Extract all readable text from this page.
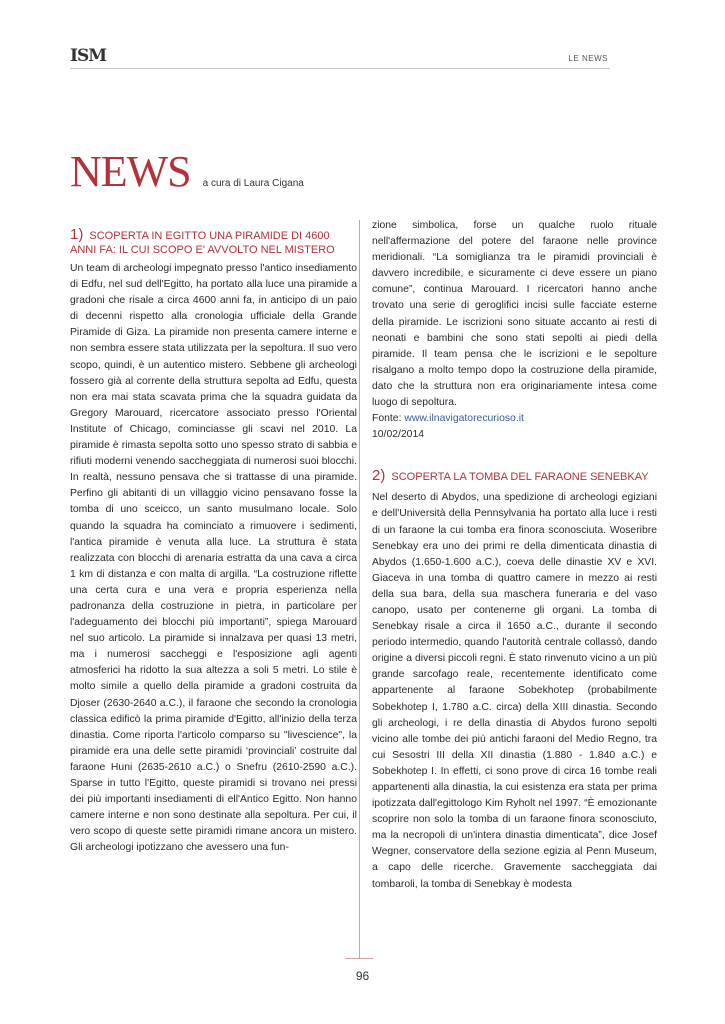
ISM	LE NEWS
NEWS a cura di Laura Cigana
1) SCOPERTA IN EGITTO UNA PIRAMIDE DI 4600 ANNI FA: IL CUI SCOPO E' AVVOLTO NEL MISTERO

Un team di archeologi impegnato presso l'antico insediamento di Edfu, nel sud dell'Egitto, ha portato alla luce una piramide a gradoni che risale a circa 4600 anni fa, in anticipo di un paio di decenni rispetto alla cronologia ufficiale della Grande Piramide di Giza. La piramide non presenta camere interne e non sembra essere stata utilizzata per la sepoltura. Il suo vero scopo, quindi, è un autentico mistero. Sebbene gli archeologi fossero già al corrente della struttura sepolta ad Edfu, questa non era mai stata scavata prima che la squadra guidata da Gregory Marouard, ricercatore associato presso l'Oriental Institute of Chicago, cominciasse gli scavi nel 2010. La piramide è rimasta sepolta sotto uno spesso strato di sabbia e rifiuti moderni venendo saccheggiata di numerosi suoi blocchi. In realtà, nessuno pensava che si trattasse di una piramide. Perfino gli abitanti di un villaggio vicino pensavano fosse la tomba di uno sceicco, un santo musulmano locale. Solo quando la squadra ha cominciato a rimuovere i sedimenti, l'antica piramide è venuta alla luce. La struttura è stata realizzata con blocchi di arenaria estratta da una cava a circa 1 km di distanza e con malta di argilla. “La costruzione riflette una certa cura e una vera e propria esperienza nella padronanza della costruzione in pietra, in particolare per l'adeguamento dei blocchi più importanti”, spiega Marouard nel suo articolo. La piramide si innalzava per quasi 13 metri, ma i numerosi saccheggi e l'esposizione agli agenti atmosferici ha ridotto la sua altezza a soli 5 metri. Lo stile è molto simile a quello della piramide a gradoni costruita da Djoser (2630-2640 a.C.), il faraone che secondo la cronologia classica edificò la prima piramide d'Egitto, all'inizio della terza dinastia. Come riporta l'articolo comparso su "livescience", la piramide era una delle sette piramidi ‘provinciali’ costruite dal faraone Huni (2635-2610 a.C.) o Snefru (2610-2590 a.C.). Sparse in tutto l'Egitto, queste piramidi si trovano nei pressi dei più importanti insediamenti di ell'Antico Egitto. Non hanno camere interne e non sono destinate alla sepoltura. Per cui, il vero scopo di queste sette piramidi rimane ancora un mistero. Gli archeologi ipotizzano che avessero una fun-

zione simbolica, forse un qualche ruolo rituale nell'affermazione del potere del faraone nelle province meridionali. “La somiglianza tra le piramidi provinciali è davvero incredibile, e sicuramente ci deve essere un piano comune”, continua Marouard. I ricercatori hanno anche trovato una serie di geroglifici incisi sulle facciate esterne della piramide. Le iscrizioni sono situate accanto ai resti di neonati e bambini che sono stati sepolti ai piedi della piramide. Il team pensa che le iscrizioni e le sepolture risalgano a molto tempo dopo la costruzione della piramide, dato che la struttura non era originariamente intesa come luogo di sepoltura.

Fonte: www.ilnavigatorecurioso.it

10/02/2014

2) SCOPERTA LA TOMBA DEL FARAONE SENEBKAY

Nel deserto di Abydos, una spedizione di archeologi egiziani e dell'Università della Pennsylvania ha portato alla luce i resti di un faraone la cui tomba era finora sconosciuta. Woseribre Senebkay era uno dei primi re della dimenticata dinastia di Abydos (1.650-1.600 a.C.), coeva delle dinastie XV e XVI. Giaceva in una tomba di quattro camere in mezzo ai resti della sua bara, della sua maschera funeraria e del vaso canopo, usato per contenerne gli organi. La tomba di Senebkay risale a circa il 1650 a.C., durante il secondo periodo intermedio, quando l'autorità centrale collassò, dando origine a diversi piccoli regni. È stato rinvenuto vicino a un più grande sarcofago reale, recentemente identificato come appartenente al faraone Sobekhotep (probabilmente Sobekhotep I, 1.780 a.C. circa) della XIII dinastia. Secondo gli archeologi, i re della dinastia di Abydos furono sepolti vicino alle tombe dei più antichi faraoni del Medio Regno, tra cui Sesostri III della XII dinastia (1.880 - 1.840 a.C.) e Sobekhotep I. In effetti, ci sono prove di circa 16 tombe reali appartenenti alla dinastia, la cui esistenza era stata per prima ipotizzata dall'egittologo Kim Ryholt nel 1997. “È emozionante scoprire non solo la tomba di un faraone finora sconosciuto, ma la necropoli di un'intera dinastia dimenticata”, dice Josef Wegner, conservatore della sezione egizia al Penn Museum, a capo delle ricerche. Gravemente saccheggiata dai tombaroli, la tomba di Senebkay è modesta

96
